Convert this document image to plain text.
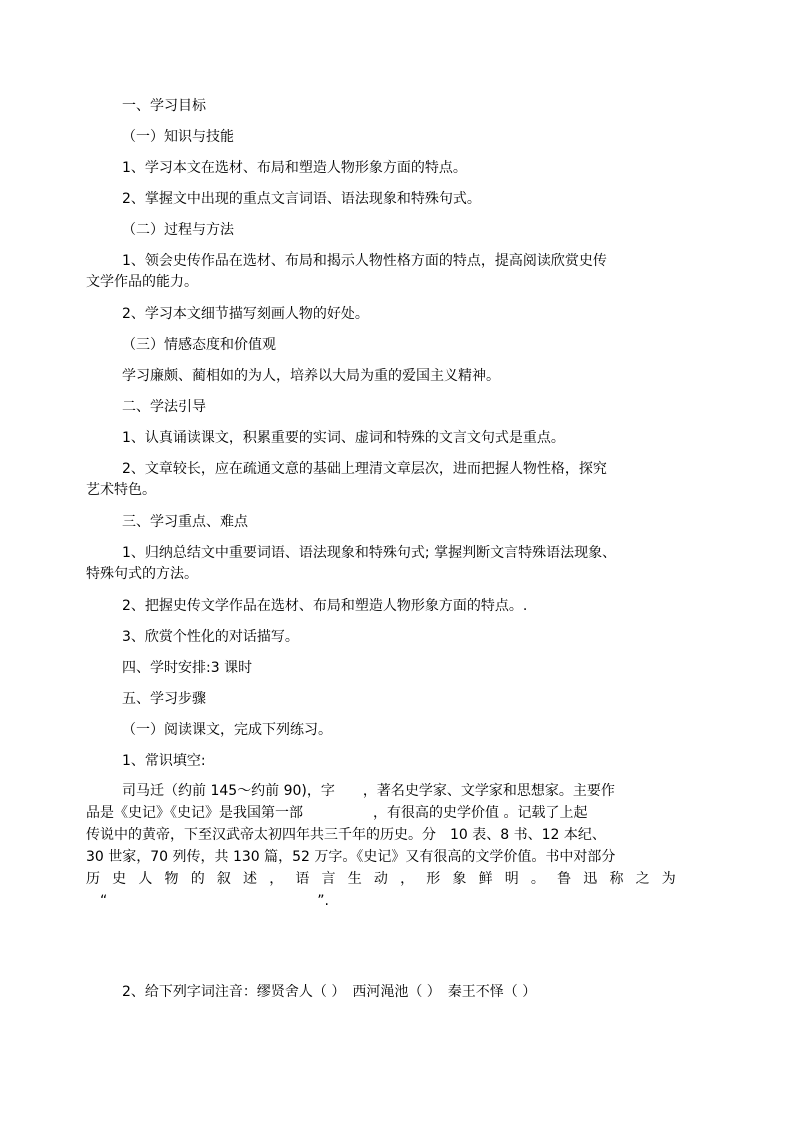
一、学习目标
（一）知识与技能
1、学习本文在选材、布局和塑造人物形象方面的特点。
2、掌握文中出现的重点文言词语、语法现象和特殊句式。
（二）过程与方法
1、领会史传作品在选材、布局和揭示人物性格方面的特点，提高阅读欣赏史传
文学作品的能力。
2、学习本文细节描写刻画人物的好处。
（三）情感态度和价值观
学习廉颇、蔺相如的为人，培养以大局为重的爱国主义精神。
二、学法引导
1、认真诵读课文，积累重要的实词、虚词和特殊的文言文句式是重点。
2、文章较长，应在疏通文意的基础上理清文章层次，进而把握人物性格，探究
艺术特色。
三、学习重点、难点
1、归纳总结文中重要词语、语法现象和特殊句式; 掌握判断文言特殊语法现象、
特殊句式的方法。
2、把握史传文学作品在选材、布局和塑造人物形象方面的特点。.
3、欣赏个性化的对话描写。
四、学时安排:3 课时
五、学习步骤
（一）阅读课文，完成下列练习。
1、常识填空:
司马迁（约前 145～约前 90)，字　　，著名史学家、文学家和思想家。主要作
品是《史记》《史记》是我国第一部　　　　　，有很高的史学价值 。记载了上起
传说中的黄帝，下至汉武帝太初四年共三千年的历史。分　10 表、8 书、12 本纪、
30 世家，70 列传，共 130 篇，52 万字。《史记》又有很高的文学价值。书中对部分
历 史 人 物 的 叙 述 ， 语 言 生 动 ， 形 象 鲜 明 。 鲁 迅 称 之 为
“　　　　　　　　　　　　　　　”.
2、给下列字词注音：缪贤舍人（ ）　西河渑池（ ）　秦王不怿（ ）
